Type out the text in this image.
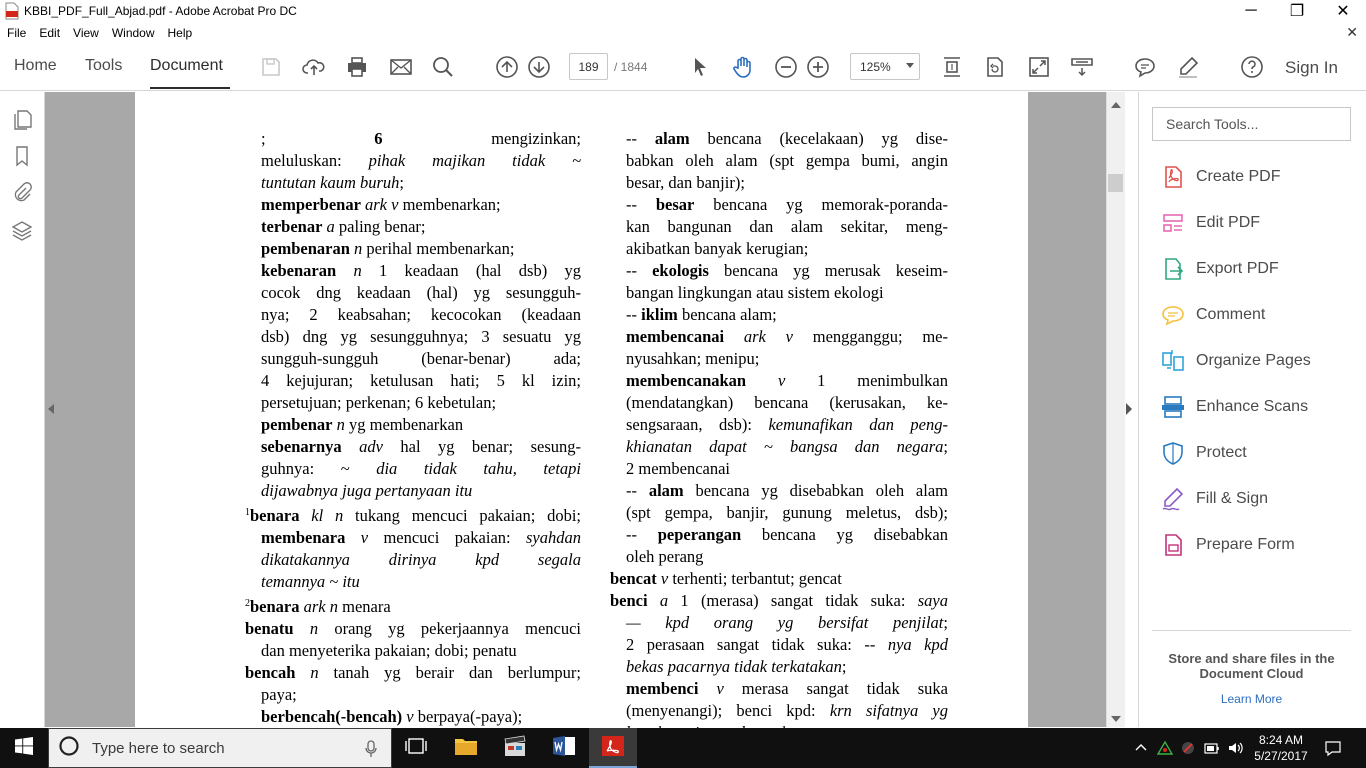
KBBI_PDF_Full_Abjad.pdf - Adobe Acrobat Pro DC	─ ❐ ✕
File	Edit	View	Window	Help	✕
Home Tools Document	189	/ 1844	125%	Sign In
; 6 mengizinkan;
meluluskan: pihak majikan tidak ~
tuntutan kaum buruh;
memperbenar ark v membenarkan;
terbenar a paling benar;
pembenaran n perihal membenarkan;
kebenaran n 1 keadaan (hal dsb) yg
cocok dng keadaan (hal) yg sesungguh-
nya; 2 keabsahan; kecocokan (keadaan
dsb) dng yg sesungguhnya; 3 sesuatu yg
sungguh-sungguh (benar-benar) ada;
4 kejujuran; ketulusan hati; 5 kl izin;
persetujuan; perkenan; 6 kebetulan;
pembenar n yg membenarkan
sebenarnya adv hal yg benar; sesung-
guhnya: ~ dia tidak tahu, tetapi
dijawabnya juga pertanyaan itu
$^1$benara kl n tukang mencuci pakaian; dobi;
membenara v mencuci pakaian: syahdan
dikatakannya dirinya kpd segala
temannya ~ itu
$^2$benara ark n menara
benatu n orang yg pekerjaannya mencuci
dan menyeterika pakaian; dobi; penatu
bencah n tanah yg berair dan berlumpur;
paya;
berbencah(-bencah) v berpaya(-paya);
-- alam bencana (kecelakaan) yg dise-
babkan oleh alam (spt gempa bumi, angin
besar, dan banjir);
-- besar bencana yg memorak-poranda-
kan bangunan dan alam sekitar, meng-
akibatkan banyak kerugian;
-- ekologis bencana yg merusak keseim-
bangan lingkungan atau sistem ekologi
-- iklim bencana alam;
membencanai ark v mengganggu; me-
nyusahkan; menipu;
membencanakan v 1 menimbulkan
(mendatangkan) bencana (kerusakan, ke-
sengsaraan, dsb): kemunafikan dan peng-
khianatan dapat ~ bangsa dan negara;
2 membencanai
-- alam bencana yg disebabkan oleh alam
(spt gempa, banjir, gunung meletus, dsb);
-- peperangan bencana yg disebabkan
oleh perang
bencat v terhenti; terbantut; gencat
benci a 1 (merasa) sangat tidak suka: saya
— kpd orang yg bersifat penjilat;
2 perasaan sangat tidak suka: -- nya kpd
bekas pacarnya tidak terkatakan;
membenci v merasa sangat tidak suka
(menyenangi); benci kpd: krn sifatnya yg
Search Tools...
Create PDF
Edit PDF
Export PDF
Comment
Organize Pages
Enhance Scans
Protect
Fill & Sign
Prepare Form
Store and share files in the Document Cloud
Learn More
Type here to search	8:24 AM
5/27/2017
